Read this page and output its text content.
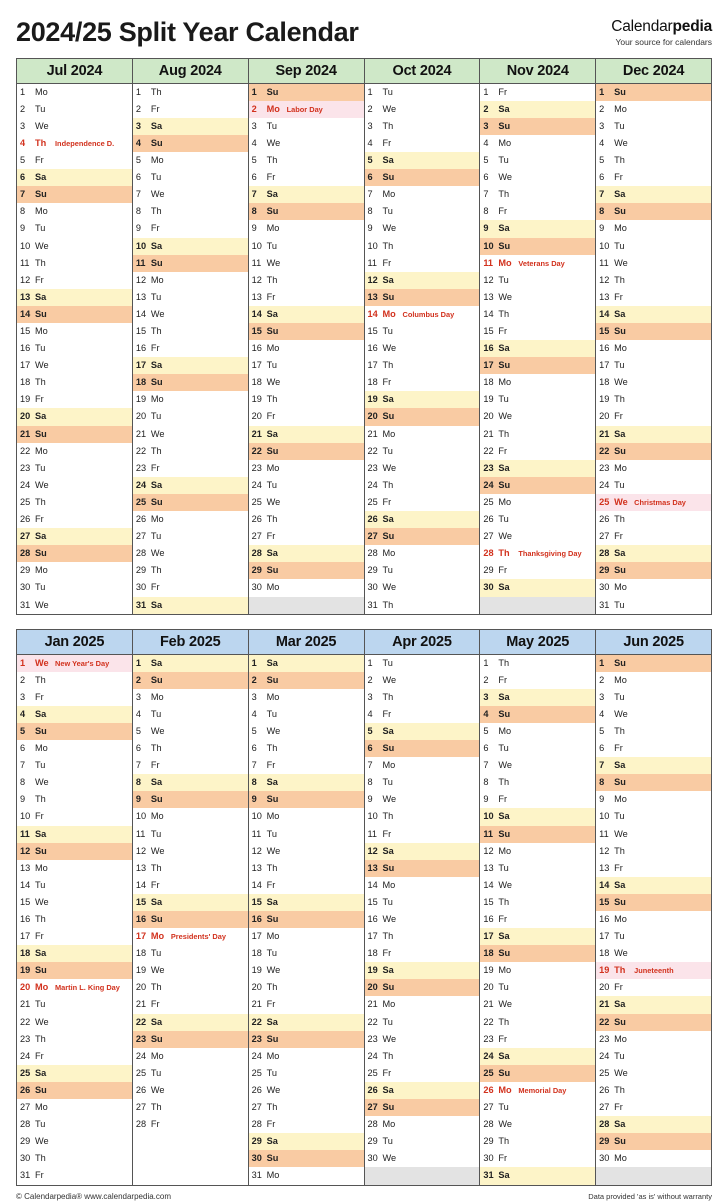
2024/25 Split Year Calendar	Calendarpedia
Your source for calendars
Jul 2024
1	Mo
2	Tu
3	We
4	Th	Independence D.
5	Fr
6	Sa
7	Su
8	Mo
9	Tu
10 We
11 Th
12 Fr
13 Sa
14 Su
15 Mo
16 Tu
17 We
18 Th
19 Fr
20 Sa
21 Su
22 Mo
23 Tu
24 We
25 Th
26 Fr
27 Sa
28 Su
29 Mo
30 Tu
31 We
Aug 2024
1	Th
2	Fr
3	Sa
4	Su
5	Mo
6	Tu
7	We
8	Th
9	Fr
10 Sa
11 Su
12 Mo
13 Tu
14 We
15 Th
16 Fr
17 Sa
18 Su
19 Mo
20 Tu
21 We
22 Th
23 Fr
24 Sa
25 Su
26 Mo
27 Tu
28 We
29 Th
30 Fr
31 Sa
Sep 2024
1	Su
2	Mo Labor Day
3	Tu
4	We
5	Th
6	Fr
7	Sa
8	Su
9	Mo
10 Tu
11 We
12 Th
13 Fr
14 Sa
15 Su
16 Mo
17 Tu
18 We
19 Th
20 Fr
21 Sa
22 Su
23 Mo
24 Tu
25 We
26 Th
27 Fr
28 Sa
29 Su
30 Mo
Oct 2024
1	Tu
2	We
3	Th
4	Fr
5	Sa
6	Su
7	Mo
8	Tu
9	We
10 Th
11 Fr
12 Sa
13 Su
14 Mo Columbus Day
15 Tu
16 We
17 Th
18 Fr
19 Sa
20 Su
21 Mo
22 Tu
23 We
24 Th
25 Fr
26 Sa
27 Su
28 Mo
29 Tu
30 We
31 Th
Nov 2024
1	Fr
2	Sa
3	Su
4	Mo
5	Tu
6	We
7	Th
8	Fr
9	Sa
10 Su
11 Mo Veterans Day
12 Tu
13 We
14 Th
15 Fr
16 Sa
17 Su
18 Mo
19 Tu
20 We
21 Th
22 Fr
23 Sa
24 Su
25 Mo
26 Tu
27 We
28 Th	Thanksgiving Day
29 Fr
30 Sa
Dec 2024
1	Su
2	Mo
3	Tu
4	We
5	Th
6	Fr
7	Sa
8	Su
9	Mo
10 Tu
11 We
12 Th
13 Fr
14 Sa
15 Su
16 Mo
17 Tu
18 We
19 Th
20 Fr
21 Sa
22 Su
23 Mo
24 Tu
25 We Christmas Day
26 Th
27 Fr
28 Sa
29 Su
30 Mo
31 Tu
Jan 2025
1	We New Year's Day
2	Th
3	Fr
4	Sa
5	Su
6	Mo
7	Tu
8	We
9	Th
10 Fr
11 Sa
12 Su
13 Mo
14 Tu
15 We
16 Th
17 Fr
18 Sa
19 Su
20 Mo Martin L. King Day
21 Tu
22 We
23 Th
24 Fr
25 Sa
26 Su
27 Mo
28 Tu
29 We
30 Th
31 Fr
Feb 2025
1	Sa
2	Su
3	Mo
4	Tu
5	We
6	Th
7	Fr
8	Sa
9	Su
10 Mo
11 Tu
12 We
13 Th
14 Fr
15 Sa
16 Su
17 Mo Presidents' Day
18 Tu
19 We
20 Th
21 Fr
22 Sa
23 Su
24 Mo
25 Tu
26 We
27 Th
28 Fr
Mar 2025
1	Sa
2	Su
3	Mo
4	Tu
5	We
6	Th
7	Fr
8	Sa
9	Su
10 Mo
11 Tu
12 We
13 Th
14 Fr
15 Sa
16 Su
17 Mo
18 Tu
19 We
20 Th
21 Fr
22 Sa
23 Su
24 Mo
25 Tu
26 We
27 Th
28 Fr
29 Sa
30 Su
31 Mo
Apr 2025
1	Tu
2	We
3	Th
4	Fr
5	Sa
6	Su
7	Mo
8	Tu
9	We
10 Th
11 Fr
12 Sa
13 Su
14 Mo
15 Tu
16 We
17 Th
18 Fr
19 Sa
20 Su
21 Mo
22 Tu
23 We
24 Th
25 Fr
26 Sa
27 Su
28 Mo
29 Tu
30 We
May 2025
1	Th
2	Fr
3	Sa
4	Su
5	Mo
6	Tu
7	We
8	Th
9	Fr
10 Sa
11 Su
12 Mo
13 Tu
14 We
15 Th
16 Fr
17 Sa
18 Su
19 Mo
20 Tu
21 We
22 Th
23 Fr
24 Sa
25 Su
26 Mo Memorial Day
27 Tu
28 We
29 Th
30 Fr
31 Sa
Jun 2025
1	Su
2	Mo
3	Tu
4	We
5	Th
6	Fr
7	Sa
8	Su
9	Mo
10 Tu
11 We
12 Th
13 Fr
14 Sa
15 Su
16 Mo
17 Tu
18 We
19 Th	Juneteenth
20 Fr
21 Sa
22 Su
23 Mo
24 Tu
25 We
26 Th
27 Fr
28 Sa
29 Su
30 Mo
© Calendarpedia® www.calendarpedia.com	Data provided 'as is' without warranty
